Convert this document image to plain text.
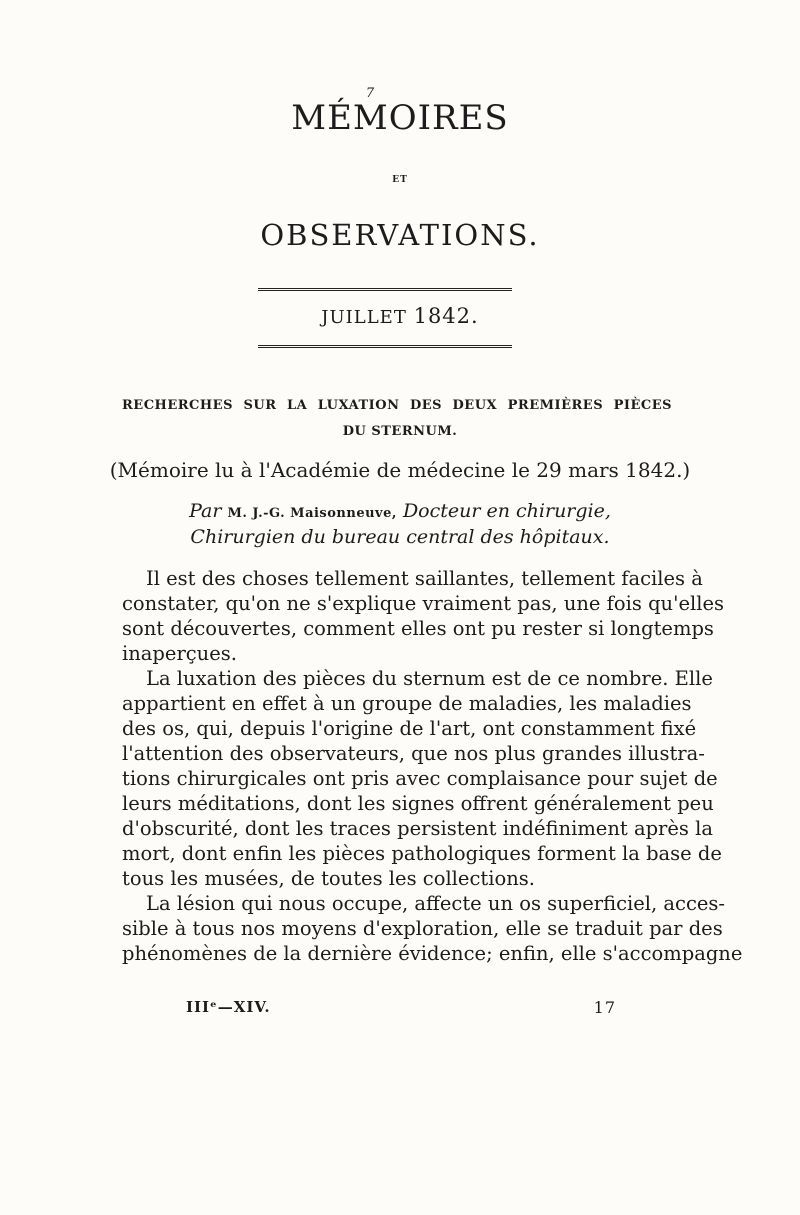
7
MÉMOIRES
ET
OBSERVATIONS.
JUILLET 1842.
RECHERCHES SUR LA LUXATION DES DEUX PREMIÈRES PIÈCES
DU STERNUM.
(Mémoire lu à l'Académie de médecine le 29 mars 1842.)
Par M. J.-G. Maisonneuve, Docteur en chirurgie,
Chirurgien du bureau central des hôpitaux.
Il est des choses tellement saillantes, tellement faciles à
constater, qu'on ne s'explique vraiment pas, une fois qu'elles
sont découvertes, comment elles ont pu rester si longtemps
inaperçues.
La luxation des pièces du sternum est de ce nombre. Elle
appartient en effet à un groupe de maladies, les maladies
des os, qui, depuis l'origine de l'art, ont constamment fixé
l'attention des observateurs, que nos plus grandes illustra-
tions chirurgicales ont pris avec complaisance pour sujet de
leurs méditations, dont les signes offrent généralement peu
d'obscurité, dont les traces persistent indéfiniment après la
mort, dont enfin les pièces pathologiques forment la base de
tous les musées, de toutes les collections.
La lésion qui nous occupe, affecte un os superficiel, acces-
sible à tous nos moyens d'exploration, elle se traduit par des
phénomènes de la dernière évidence; enfin, elle s'accompagne
IIIᵉ—XIV.	17
